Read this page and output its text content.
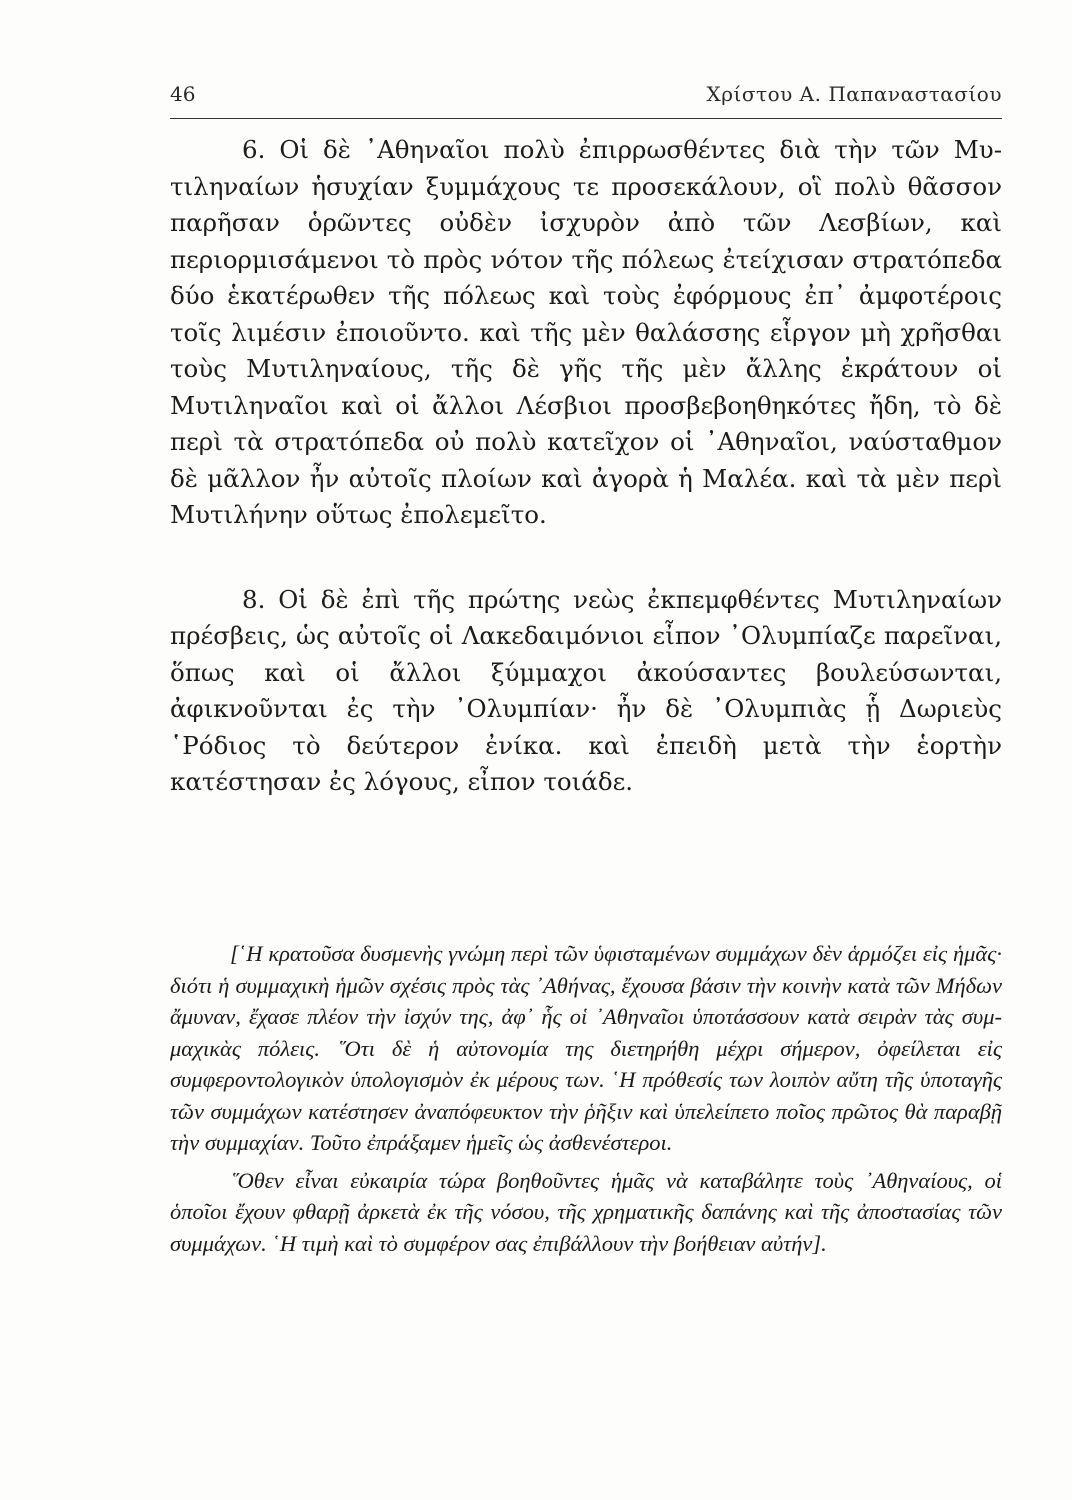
46	Χρίστου Α. Παπαναστασίου

6. Οἱ δὲ ᾿Αθηναῖοι πολὺ ἐπιρρωσθέντες διὰ τὴν τῶν Μυτιληναίων ἡσυχίαν ξυμμάχους τε προσεκάλουν, οἳ πολὺ θᾶσσον παρῆσαν ὁρῶντες οὐδὲν ἰσχυρὸν ἀπὸ τῶν Λεσβίων, καὶ περιορμισάμενοι τὸ πρὸς νότον τῆς πόλεως ἐτείχισαν στρατόπεδα δύο ἑκατέρωθεν τῆς πόλεως καὶ τοὺς ἐφόρμους ἐπ᾿ ἀμφοτέροις τοῖς λιμέσιν ἐποιοῦντο. καὶ τῆς μὲν θαλάσσης εἷργον μὴ χρῆσθαι τοὺς Μυτιληναίους, τῆς δὲ γῆς τῆς μὲν ἄλλης ἐκράτουν οἱ Μυτιληναῖοι καὶ οἱ ἄλλοι Λέσβιοι προσβεβοηθηκότες ἤδη, τὸ δὲ περὶ τὰ στρατόπεδα οὐ πολὺ κατεῖχον οἱ ᾿Αθηναῖοι, ναύσταθμον δὲ μᾶλλον ἦν αὐτοῖς πλοίων καὶ ἀγορὰ ἡ Μαλέα. καὶ τὰ μὲν περὶ Μυτιλήνην οὕτως ἐπολεμεῖτο.

8. Οἱ δὲ ἐπὶ τῆς πρώτης νεὼς ἐκπεμφθέντες Μυτιληναίων πρέσβεις, ὡς αὐτοῖς οἱ Λακεδαιμόνιοι εἶπον ᾿Ολυμπίαζε παρεῖναι, ὅπως καὶ οἱ ἄλλοι ξύμμαχοι ἀκούσαντες βουλεύσωνται, ἀφικνοῦνται ἐς τὴν ᾿Ολυμπίαν· ἦν δὲ ᾿Ολυμπιὰς ᾗ Δωριεὺς ῾Ρόδιος τὸ δεύτερον ἐνίκα. καὶ ἐπειδὴ μετὰ τὴν ἑορτὴν κατέστησαν ἐς λόγους, εἶπον τοιάδε.

[῾Η κρατοῦσα δυσμενὴς γνώμη περὶ τῶν ὑφισταμένων συμμάχων δὲν ἁρμόζει εἰς ἡμᾶς· διότι ἡ συμμαχικὴ ἡμῶν σχέσις πρὸς τὰς ᾿Αθήνας, ἔχουσα βάσιν τὴν κοινὴν κατὰ τῶν Μήδων ἄμυναν, ἔχασε πλέον τὴν ἰσχύν της, ἀφ᾿ ἧς οἱ ᾿Αθηναῖοι ὑποτάσσουν κατὰ σειρὰν τὰς συμμαχικὰς πόλεις. ῞Οτι δὲ ἡ αὐτονομία της διετηρήθη μέχρι σήμερον, ὀφείλεται εἰς συμφεροντολογικὸν ὑπολογισμὸν ἐκ μέρους των. ῾Η πρόθεσίς των λοιπὸν αὔτη τῆς ὑποταγῆς τῶν συμμάχων κατέστησεν ἀναπόφευκτον τὴν ῥῆξιν καὶ ὑπελείπετο ποῖος πρῶτος θὰ παραβῇ τὴν συμμαχίαν. Τοῦτο ἐπράξαμεν ἡμεῖς ὡς ἀσθενέστεροι.

῞Οθεν εἶναι εὐκαιρία τώρα βοηθοῦντες ἡμᾶς νὰ καταβάλητε τοὺς ᾿Αθηναίους, οἱ ὁποῖοι ἔχουν φθαρῇ ἀρκετὰ ἐκ τῆς νόσου, τῆς χρηματικῆς δαπάνης καὶ τῆς ἀποστασίας τῶν συμμάχων. ῾Η τιμὴ καὶ τὸ συμφέρον σας ἐπιβάλλουν τὴν βοήθειαν αὐτήν].
